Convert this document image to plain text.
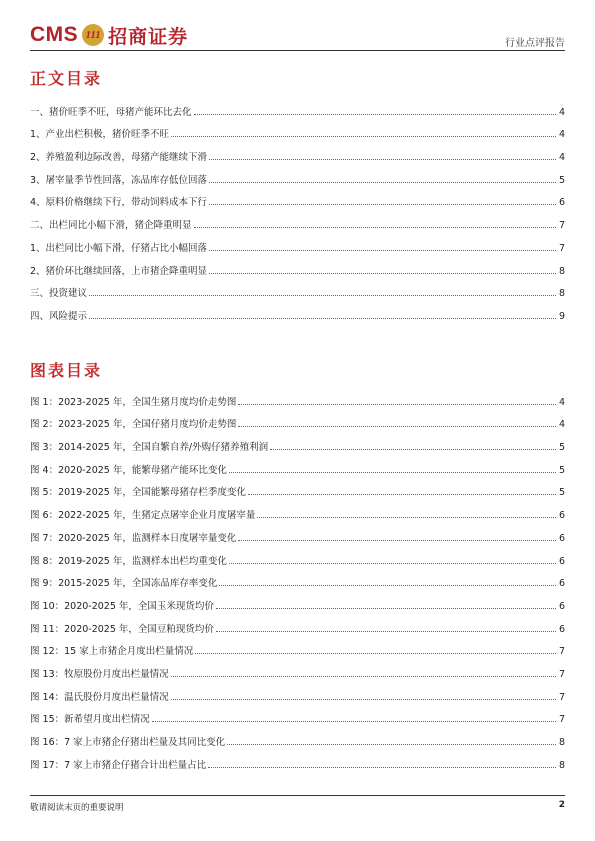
CMS 111 招商证券	行业点评报告
正文目录
一、猪价旺季不旺，母猪产能环比去化	4
1、产业出栏积极，猪价旺季不旺	4
2、养殖盈利边际改善，母猪产能继续下滑	4
3、屠宰量季节性回落，冻品库存低位回落	5
4、原料价格继续下行，带动饲料成本下行	6
二、出栏同比小幅下滑，猪企降重明显	7
1、出栏同比小幅下滑，仔猪占比小幅回落	7
2、猪价环比继续回落，上市猪企降重明显	8
三、投资建议	8
四、风险提示	9
图表目录
图 1：2023-2025 年，全国生猪月度均价走势图	4
图 2：2023-2025 年，全国仔猪月度均价走势图	4
图 3：2014-2025 年，全国自繁自养/外购仔猪养殖利润	5
图 4：2020-2025 年，能繁母猪产能环比变化	5
图 5：2019-2025 年，全国能繁母猪存栏季度变化	5
图 6：2022-2025 年，生猪定点屠宰企业月度屠宰量	6
图 7：2020-2025 年，监测样本日度屠宰量变化	6
图 8：2019-2025 年，监测样本出栏均重变化	6
图 9：2015-2025 年，全国冻品库存率变化	6
图 10：2020-2025 年，全国玉米现货均价	6
图 11：2020-2025 年，全国豆粕现货均价	6
图 12：15 家上市猪企月度出栏量情况	7
图 13：牧原股份月度出栏量情况	7
图 14：温氏股份月度出栏量情况	7
图 15：新希望月度出栏情况	7
图 16：7 家上市猪企仔猪出栏量及其同比变化	8
图 17：7 家上市猪企仔猪合计出栏量占比	8
敬请阅读末页的重要说明	2
